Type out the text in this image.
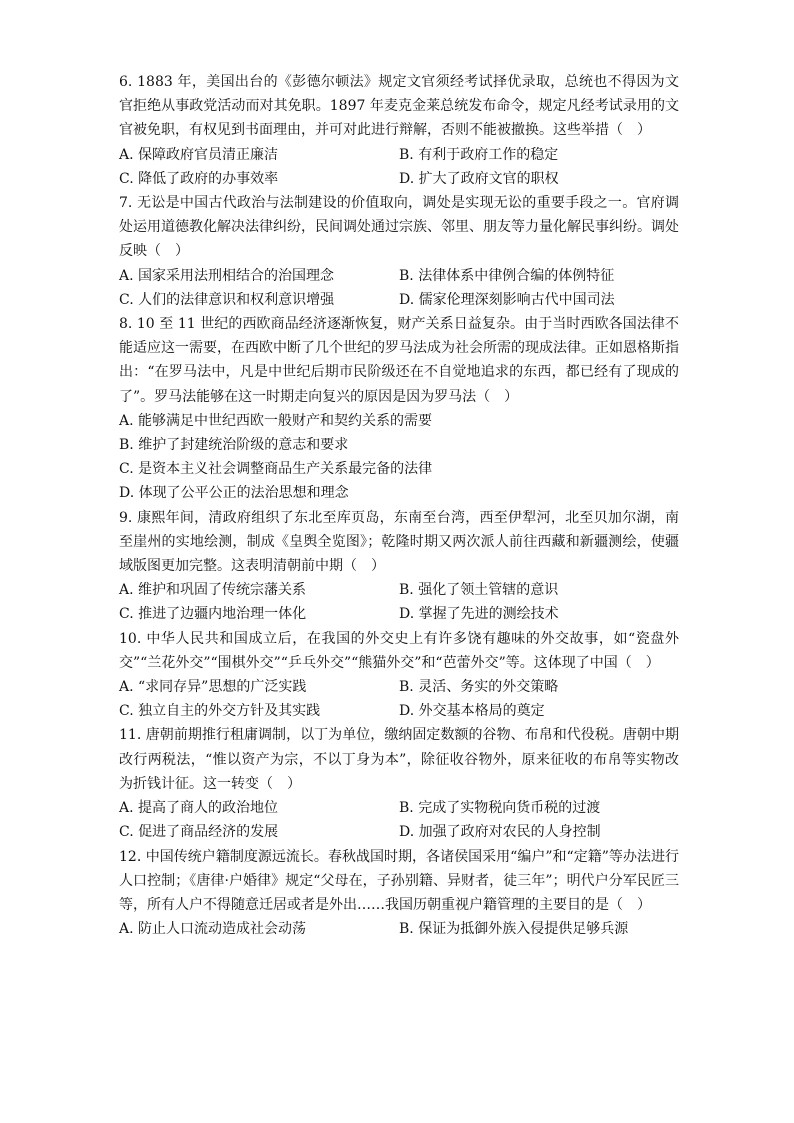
6. 1883 年，美国出台的《彭德尔顿法》规定文官须经考试择优录取，总统也不得因为文官拒绝从事政党活动而对其免职。1897 年麦克金莱总统发布命令，规定凡经考试录用的文官被免职，有权见到书面理由，并可对此进行辩解，否则不能被撤换。这些举措（　）

A. 保障政府官员清正廉洁	B. 有利于政府工作的稳定
C. 降低了政府的办事效率	D. 扩大了政府文官的职权

7. 无讼是中国古代政治与法制建设的价值取向，调处是实现无讼的重要手段之一。官府调处运用道德教化解决法律纠纷，民间调处通过宗族、邻里、朋友等力量化解民事纠纷。调处反映（　）

A. 国家采用法刑相结合的治国理念	B. 法律体系中律例合编的体例特征
C. 人们的法律意识和权利意识增强	D. 儒家伦理深刻影响古代中国司法

8. 10 至 11 世纪的西欧商品经济逐渐恢复，财产关系日益复杂。由于当时西欧各国法律不能适应这一需要，在西欧中断了几个世纪的罗马法成为社会所需的现成法律。正如恩格斯指出：“在罗马法中，凡是中世纪后期市民阶级还在不自觉地追求的东西，都已经有了现成的了”。罗马法能够在这一时期走向复兴的原因是因为罗马法（　）

A. 能够满足中世纪西欧一般财产和契约关系的需要

B. 维护了封建统治阶级的意志和要求

C. 是资本主义社会调整商品生产关系最完备的法律

D. 体现了公平公正的法治思想和理念

9. 康熙年间，清政府组织了东北至库页岛，东南至台湾，西至伊犁河，北至贝加尔湖，南至崖州的实地绘测，制成《皇舆全览图》；乾隆时期又两次派人前往西藏和新疆测绘，使疆域版图更加完整。这表明清朝前中期（　）

A. 维护和巩固了传统宗藩关系	B. 强化了领土管辖的意识
C. 推进了边疆内地治理一体化	D. 掌握了先进的测绘技术

10. 中华人民共和国成立后，在我国的外交史上有许多饶有趣味的外交故事，如“瓷盘外交”“兰花外交”“围棋外交”“乒乓外交”“熊猫外交”和“芭蕾外交”等。这体现了中国（　）

A. “求同存异”思想的广泛实践	B. 灵活、务实的外交策略
C. 独立自主的外交方针及其实践	D. 外交基本格局的奠定

11. 唐朝前期推行租庸调制，以丁为单位，缴纳固定数额的谷物、布帛和代役税。唐朝中期改行两税法，“惟以资产为宗，不以丁身为本”，除征收谷物外，原来征收的布帛等实物改为折钱计征。这一转变（　）

A. 提高了商人的政治地位	B. 完成了实物税向货币税的过渡
C. 促进了商品经济的发展	D. 加强了政府对农民的人身控制

12. 中国传统户籍制度源远流长。春秋战国时期，各诸侯国采用“编户”和“定籍”等办法进行人口控制；《唐律·户婚律》规定“父母在，子孙别籍、异财者，徒三年”；明代户分军民匠三等，所有人户不得随意迁居或者是外出……我国历朝重视户籍管理的主要目的是（　）

A. 防止人口流动造成社会动荡	B. 保证为抵御外族入侵提供足够兵源
